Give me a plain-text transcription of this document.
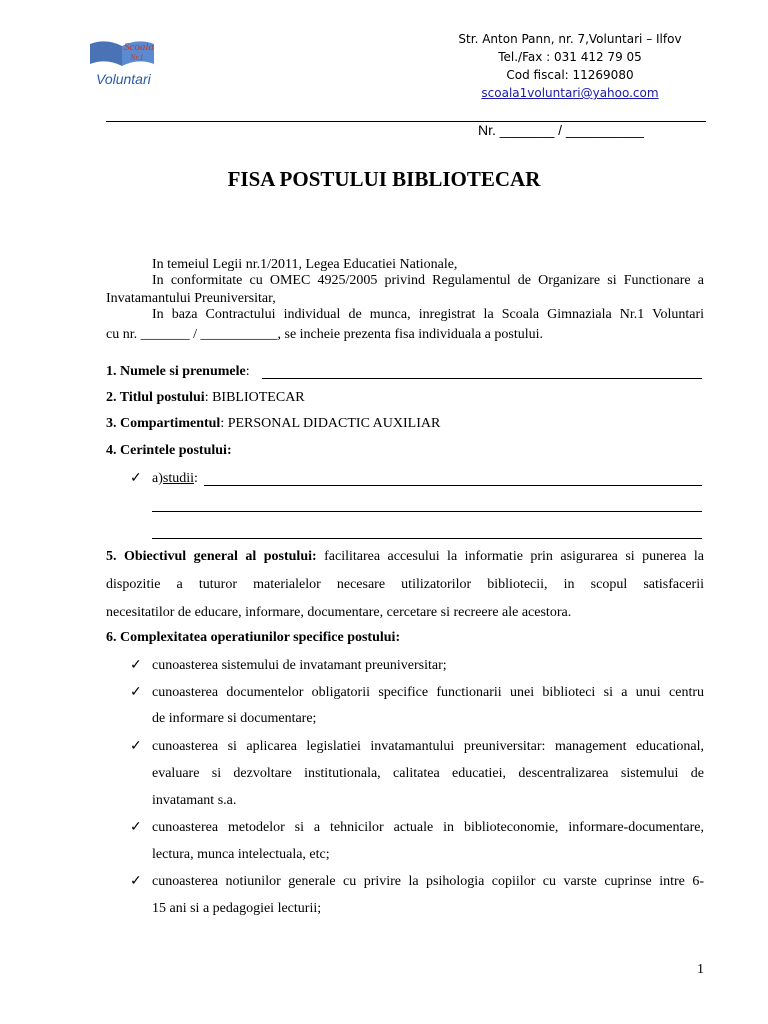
Scoala
Nr.1
Voluntari
Str. Anton Pann, nr. 7,Voluntari – Ilfov
Tel./Fax : 031 412 79 05
Cod fiscal: 11269080
scoala1voluntari@yahoo.com
Nr. _______ / __________
FISA POSTULUI BIBLIOTECAR
In temeiul Legii nr.1/2011, Legea Educatiei Nationale,
In conformitate cu OMEC 4925/2005 privind Regulamentul de Organizare si Functionare a
Invatamantului Preuniversitar,
In baza Contractului individual de munca, inregistrat la Scoala Gimnaziala Nr.1 Voluntari
cu nr. _______ / ___________, se incheie prezenta fisa individuala a postului.
1. Numele si prenumele:
2. Titlul postului: BIBLIOTECAR
3. Compartimentul: PERSONAL DIDACTIC AUXILIAR
4. Cerintele postului:
✓ a)studii:
5. Obiectivul general al postului: facilitarea accesului la informatie prin asigurarea si punerea la
dispozitie a tuturor materialelor necesare utilizatorilor bibliotecii, in scopul satisfacerii
necesitatilor de educare, informare, documentare, cercetare si recreere ale acestora.
6. Complexitatea operatiunilor specifice postului:
✓ cunoasterea sistemului de invatamant preuniversitar;
✓ cunoasterea documentelor obligatorii specifice functionarii unei biblioteci si a unui centru
de informare si documentare;
✓ cunoasterea si aplicarea legislatiei invatamantului preuniversitar: management educational,
evaluare si dezvoltare institutionala, calitatea educatiei, descentralizarea sistemului de
invatamant s.a.
✓ cunoasterea metodelor si a tehnicilor actuale in biblioteconomie, informare-documentare,
lectura, munca intelectuala, etc;
✓ cunoasterea notiunilor generale cu privire la psihologia copiilor cu varste cuprinse intre 6-
15 ani si a pedagogiei lecturii;
1
